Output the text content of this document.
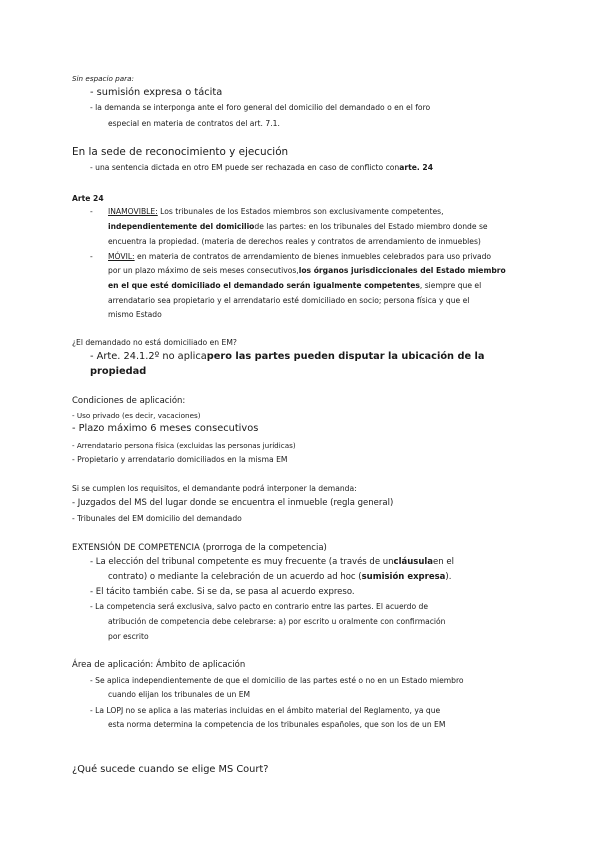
Sin espacio para:
- sumisión expresa o tácita
- la demanda se interponga ante el foro general del domicilio del demandado o en el foro
especial en materia de contratos del art. 7.1.
En la sede de reconocimiento y ejecución
- una sentencia dictada en otro EM puede ser rechazada en caso de conflicto conarte. 24
Arte 24
- INAMOVIBLE: Los tribunales de los Estados miembros son exclusivamente competentes,
independientemente del domiciliode las partes: en los tribunales del Estado miembro donde se
encuentra la propiedad. (materia de derechos reales y contratos de arrendamiento de inmuebles)
- MÓVIL: en materia de contratos de arrendamiento de bienes inmuebles celebrados para uso privado
por un plazo máximo de seis meses consecutivos,los órganos jurisdiccionales del Estado miembro
en el que esté domiciliado el demandado serán igualmente competentes, siempre que el
arrendatario sea propietario y el arrendatario esté domiciliado en socio; persona física y que el
mismo Estado
¿El demandado no está domiciliado en EM?
- Arte. 24.1.2º no aplicapero las partes pueden disputar la ubicación de la
propiedad
Condiciones de aplicación:
- Uso privado (es decir, vacaciones)
- Plazo máximo 6 meses consecutivos
- Arrendatario persona física (excluidas las personas jurídicas)
- Propietario y arrendatario domiciliados en la misma EM
Si se cumplen los requisitos, el demandante podrá interponer la demanda:
- Juzgados del MS del lugar donde se encuentra el inmueble (regla general)
- Tribunales del EM domicilio del demandado
EXTENSIÓN DE COMPETENCIA (prorroga de la competencia)
- La elección del tribunal competente es muy frecuente (a través de uncláusulaen el
contrato) o mediante la celebración de un acuerdo ad hoc (sumisión expresa).
- El tácito también cabe. Si se da, se pasa al acuerdo expreso.
- La competencia será exclusiva, salvo pacto en contrario entre las partes. El acuerdo de
atribución de competencia debe celebrarse: a) por escrito u oralmente con confirmación
por escrito
Área de aplicación: Ámbito de aplicación
- Se aplica independientemente de que el domicilio de las partes esté o no en un Estado miembro
cuando elijan los tribunales de un EM
- La LOPJ no se aplica a las materias incluidas en el ámbito material del Reglamento, ya que
esta norma determina la competencia de los tribunales españoles, que son los de un EM
¿Qué sucede cuando se elige MS Court?
